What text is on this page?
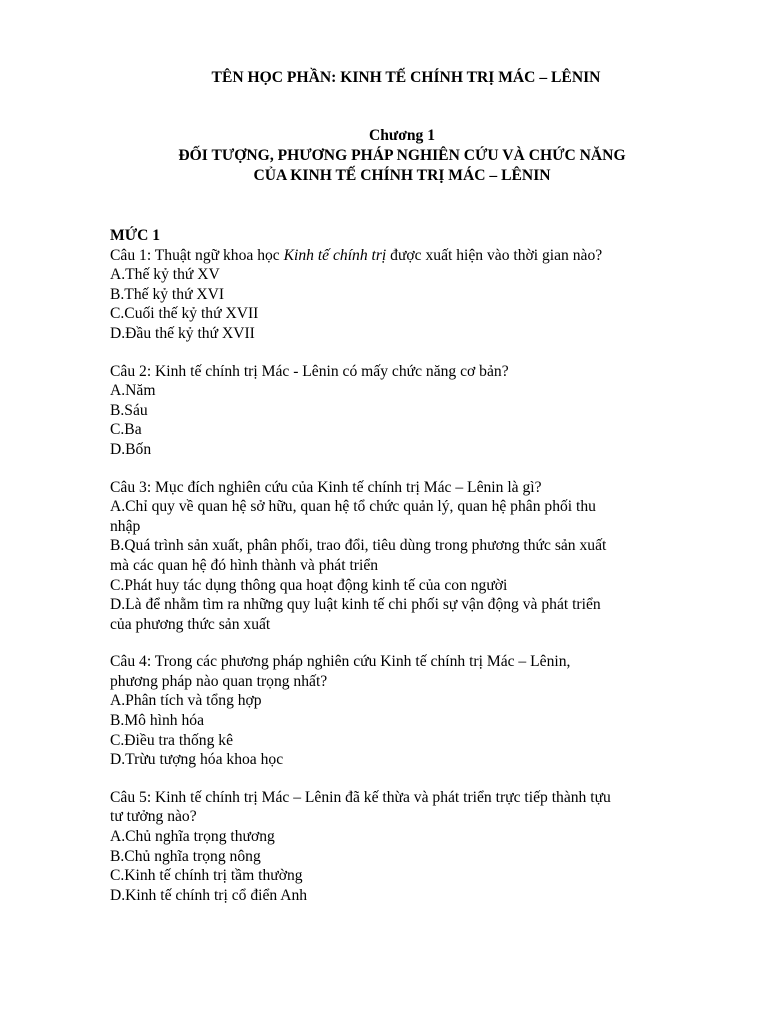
TÊN HỌC PHẦN: KINH TẾ CHÍNH TRỊ MÁC – LÊNIN
Chương 1
ĐỐI TƯỢNG, PHƯƠNG PHÁP NGHIÊN CỨU VÀ CHỨC NĂNG
CỦA KINH TẾ CHÍNH TRỊ MÁC – LÊNIN
MỨC 1
Câu 1: Thuật ngữ khoa học Kinh tế chính trị được xuất hiện vào thời gian nào?
A.Thế kỷ thứ XV
B.Thế kỷ thứ XVI
C.Cuối thế kỷ thứ XVII
D.Đầu thế kỷ thứ XVII
Câu 2: Kinh tế chính trị Mác - Lênin có mấy chức năng cơ bản?
A.Năm
B.Sáu
C.Ba
D.Bốn
Câu 3: Mục đích nghiên cứu của Kinh tế chính trị Mác – Lênin là gì?
A.Chỉ quy về quan hệ sở hữu, quan hệ tổ chức quản lý, quan hệ phân phối thu
nhập
B.Quá trình sản xuất, phân phối, trao đổi, tiêu dùng trong phương thức sản xuất
mà các quan hệ đó hình thành và phát triển
C.Phát huy tác dụng thông qua hoạt động kinh tế của con người
D.Là để nhằm tìm ra những quy luật kinh tế chi phối sự vận động và phát triển
của phương thức sản xuất
Câu 4: Trong các phương pháp nghiên cứu Kinh tế chính trị Mác – Lênin,
phương pháp nào quan trọng nhất?
A.Phân tích và tổng hợp
B.Mô hình hóa
C.Điều tra thống kê
D.Trừu tượng hóa khoa học
Câu 5: Kinh tế chính trị Mác – Lênin đã kế thừa và phát triển trực tiếp thành tựu
tư tưởng nào?
A.Chủ nghĩa trọng thương
B.Chủ nghĩa trọng nông
C.Kinh tế chính trị tầm thường
D.Kinh tế chính trị cổ điển Anh
